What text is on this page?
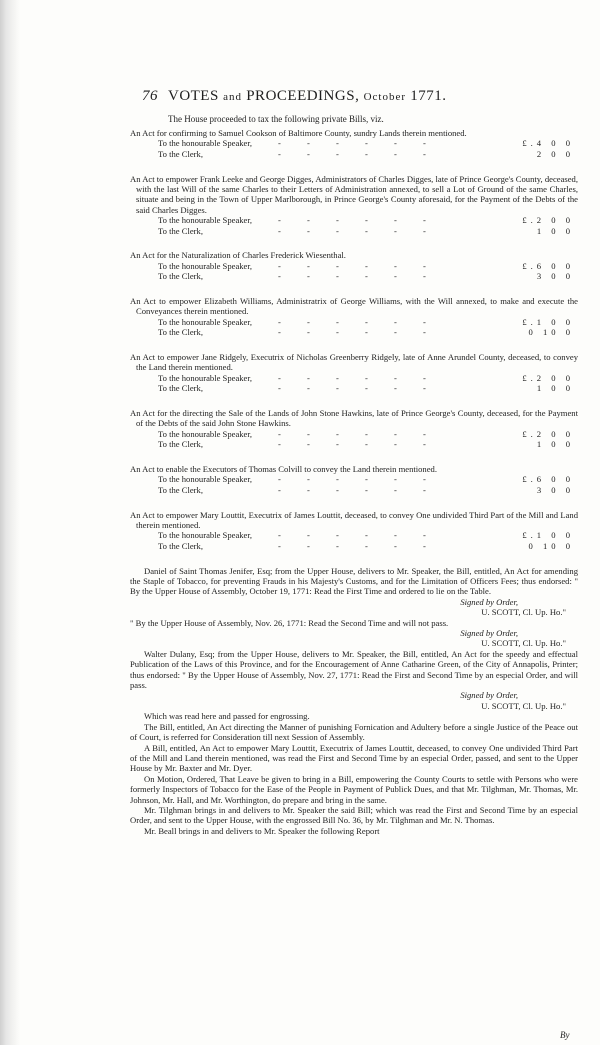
76 VOTES and PROCEEDINGS, October 1771.
The House proceeded to tax the following private Bills, viz.
An Act for confirming to Samuel Cookson of Baltimore County, sundry Lands therein mentioned.
To the honourable Speaker,	- - - - - -	£.4 0 0
To the Clerk,	- - - - - -	2 0 0
An Act to empower Frank Leeke and George Digges, Administrators of Charles Digges, late of Prince George's County, deceased, with the last Will of the same Charles to their Letters of Administration annexed, to sell a Lot of Ground of the same Charles, situate and being in the Town of Upper Marlborough, in Prince George's County aforesaid, for the Payment of the Debts of the said Charles Digges.
To the honourable Speaker,	- - - - - -	£.2 0 0
To the Clerk,	- - - - - -	1 0 0
An Act for the Naturalization of Charles Frederick Wiesenthal.
To the honourable Speaker,	- - - - - -	£.6 0 0
To the Clerk,	- - - - - -	3 0 0
An Act to empower Elizabeth Williams, Administratrix of George Williams, with the Will annexed, to make and execute the Conveyances therein mentioned.
To the honourable Speaker,	- - - - - -	£.1 0 0
To the Clerk,	- - - - - -	0 10 0
An Act to empower Jane Ridgely, Executrix of Nicholas Greenberry Ridgely, late of Anne Arundel County, deceased, to convey the Land therein mentioned.
To the honourable Speaker,	- - - - - -	£.2 0 0
To the Clerk,	- - - - - -	1 0 0
An Act for the directing the Sale of the Lands of John Stone Hawkins, late of Prince George's County, deceased, for the Payment of the Debts of the said John Stone Hawkins.
To the honourable Speaker,	- - - - - -	£.2 0 0
To the Clerk,	- - - - - -	1 0 0
An Act to enable the Executors of Thomas Colvill to convey the Land therein mentioned.
To the honourable Speaker,	- - - - - -	£.6 0 0
To the Clerk,	- - - - - -	3 0 0
An Act to empower Mary Louttit, Executrix of James Louttit, deceased, to convey One undivided Third Part of the Mill and Land therein mentioned.
To the honourable Speaker,	- - - - - -	£.1 0 0
To the Clerk,	- - - - - -	0 10 0
Daniel of Saint Thomas Jenifer, Esq; from the Upper House, delivers to Mr. Speaker, the Bill, entitled, An Act for amending the Staple of Tobacco, for preventing Frauds in his Majesty's Customs, and for the Limitation of Officers Fees; thus endorsed: " By the Upper House of Assembly, October 19, 1771: Read the First Time and ordered to lie on the Table.
Signed by Order,
U. SCOTT, Cl. Up. Ho."
" By the Upper House of Assembly, Nov. 26, 1771: Read the Second Time and will not pass.
Signed by Order,
U. SCOTT, Cl. Up. Ho."
Walter Dulany, Esq; from the Upper House, delivers to Mr. Speaker, the Bill, entitled, An Act for the speedy and effectual Publication of the Laws of this Province, and for the Encouragement of Anne Catharine Green, of the City of Annapolis, Printer; thus endorsed: " By the Upper House of Assembly, Nov. 27, 1771: Read the First and Second Time by an especial Order, and will pass.
Signed by Order,
U. SCOTT, Cl. Up. Ho."
Which was read here and passed for engrossing.
The Bill, entitled, An Act directing the Manner of punishing Fornication and Adultery before a single Justice of the Peace out of Court, is referred for Consideration till next Session of Assembly.
A Bill, entitled, An Act to empower Mary Louttit, Executrix of James Louttit, deceased, to convey One undivided Third Part of the Mill and Land therein mentioned, was read the First and Second Time by an especial Order, passed, and sent to the Upper House by Mr. Baxter and Mr. Dyer.
On Motion, Ordered, That Leave be given to bring in a Bill, empowering the County Courts to settle with Persons who were formerly Inspectors of Tobacco for the Ease of the People in Payment of Publick Dues, and that Mr. Tilghman, Mr. Thomas, Mr. Johnson, Mr. Hall, and Mr. Worthington, do prepare and bring in the same.
Mr. Tilghman brings in and delivers to Mr. Speaker the said Bill; which was read the First and Second Time by an especial Order, and sent to the Upper House, with the engrossed Bill No. 36, by Mr. Tilghman and Mr. N. Thomas.
Mr. Beall brings in and delivers to Mr. Speaker the following Report
By
